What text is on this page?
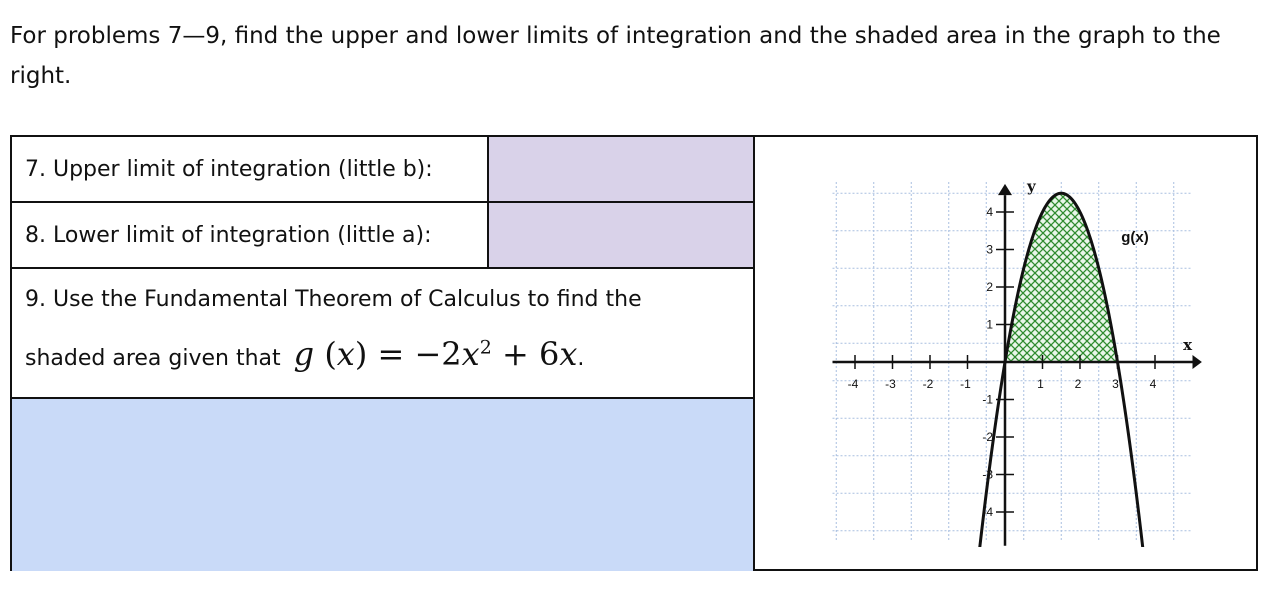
For problems 7—9, find the upper and lower limits of integration and the shaded area in the graph to the right.

7. Upper limit of integration (little b):
8. Lower limit of integration (little a):
9. Use the Fundamental Theorem of Calculus to find the
shaded area given that g $(x) = -2x^2 + 6x$.
-4 -3 -2 -1	1	2	3	4
4
3
2
1
-1
-2
-3
-4
y
x
g(x)
